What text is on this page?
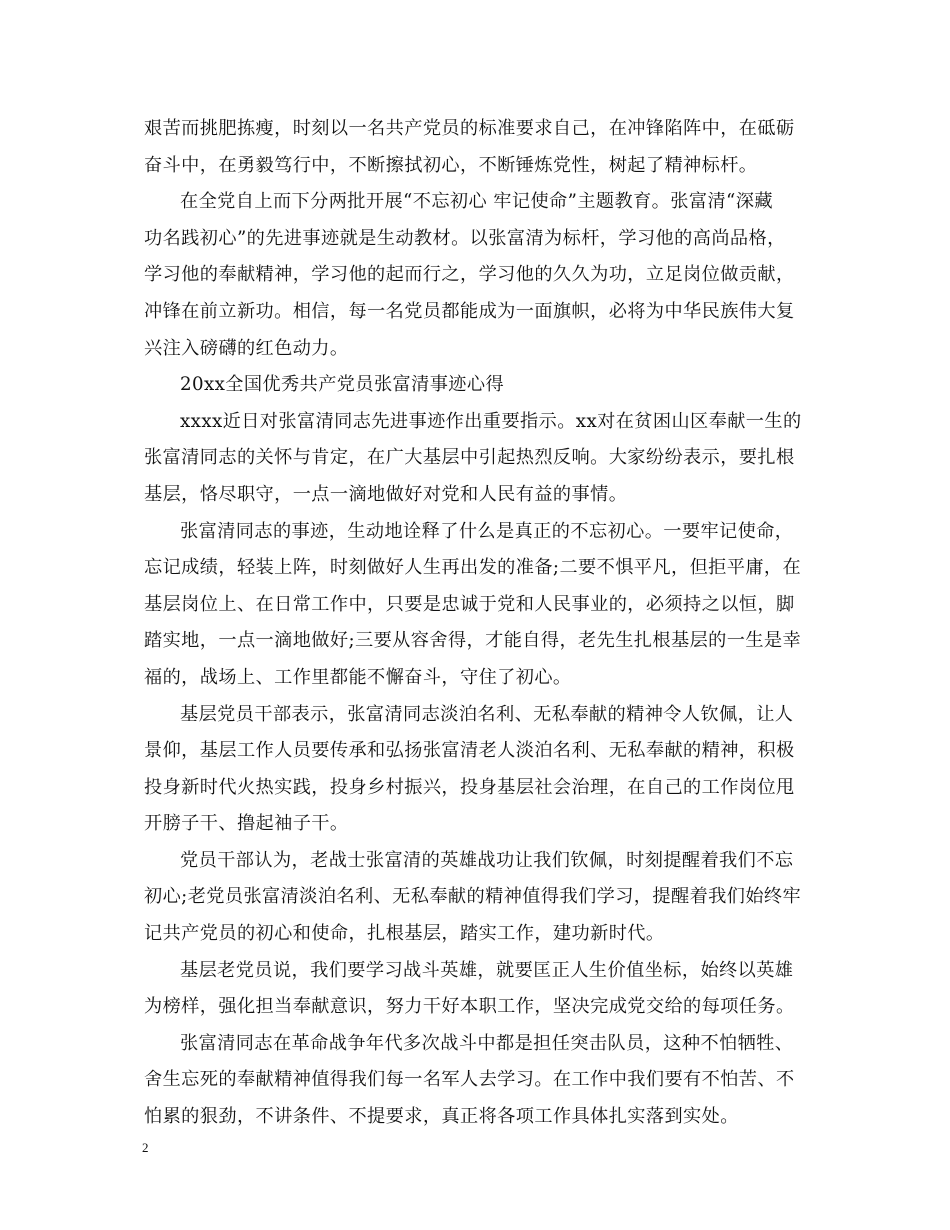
艰苦而挑肥拣瘦，时刻以一名共产党员的标准要求自己，在冲锋陷阵中，在砥砺
奋斗中，在勇毅笃行中，不断擦拭初心，不断锤炼党性，树起了精神标杆。
在全党自上而下分两批开展“不忘初心 牢记使命”主题教育。张富清“深藏
功名践初心”的先进事迹就是生动教材。以张富清为标杆，学习他的高尚品格，
学习他的奉献精神，学习他的起而行之，学习他的久久为功，立足岗位做贡献，
冲锋在前立新功。相信，每一名党员都能成为一面旗帜，必将为中华民族伟大复
兴注入磅礴的红色动力。
20xx全国优秀共产党员张富清事迹心得
xxxx近日对张富清同志先进事迹作出重要指示。xx对在贫困山区奉献一生的
张富清同志的关怀与肯定，在广大基层中引起热烈反响。大家纷纷表示，要扎根
基层，恪尽职守，一点一滴地做好对党和人民有益的事情。
张富清同志的事迹，生动地诠释了什么是真正的不忘初心。一要牢记使命，
忘记成绩，轻装上阵，时刻做好人生再出发的准备;二要不惧平凡，但拒平庸，在
基层岗位上、在日常工作中，只要是忠诚于党和人民事业的，必须持之以恒，脚
踏实地，一点一滴地做好;三要从容舍得，才能自得，老先生扎根基层的一生是幸
福的，战场上、工作里都能不懈奋斗，守住了初心。
基层党员干部表示，张富清同志淡泊名利、无私奉献的精神令人钦佩，让人
景仰，基层工作人员要传承和弘扬张富清老人淡泊名利、无私奉献的精神，积极
投身新时代火热实践，投身乡村振兴，投身基层社会治理，在自己的工作岗位甩
开膀子干、撸起袖子干。
党员干部认为，老战士张富清的英雄战功让我们钦佩，时刻提醒着我们不忘
初心;老党员张富清淡泊名利、无私奉献的精神值得我们学习，提醒着我们始终牢
记共产党员的初心和使命，扎根基层，踏实工作，建功新时代。
基层老党员说，我们要学习战斗英雄，就要匡正人生价值坐标，始终以英雄
为榜样，强化担当奉献意识，努力干好本职工作，坚决完成党交给的每项任务。
张富清同志在革命战争年代多次战斗中都是担任突击队员，这种不怕牺牲、
舍生忘死的奉献精神值得我们每一名军人去学习。在工作中我们要有不怕苦、不
怕累的狠劲，不讲条件、不提要求，真正将各项工作具体扎实落到实处。
2
